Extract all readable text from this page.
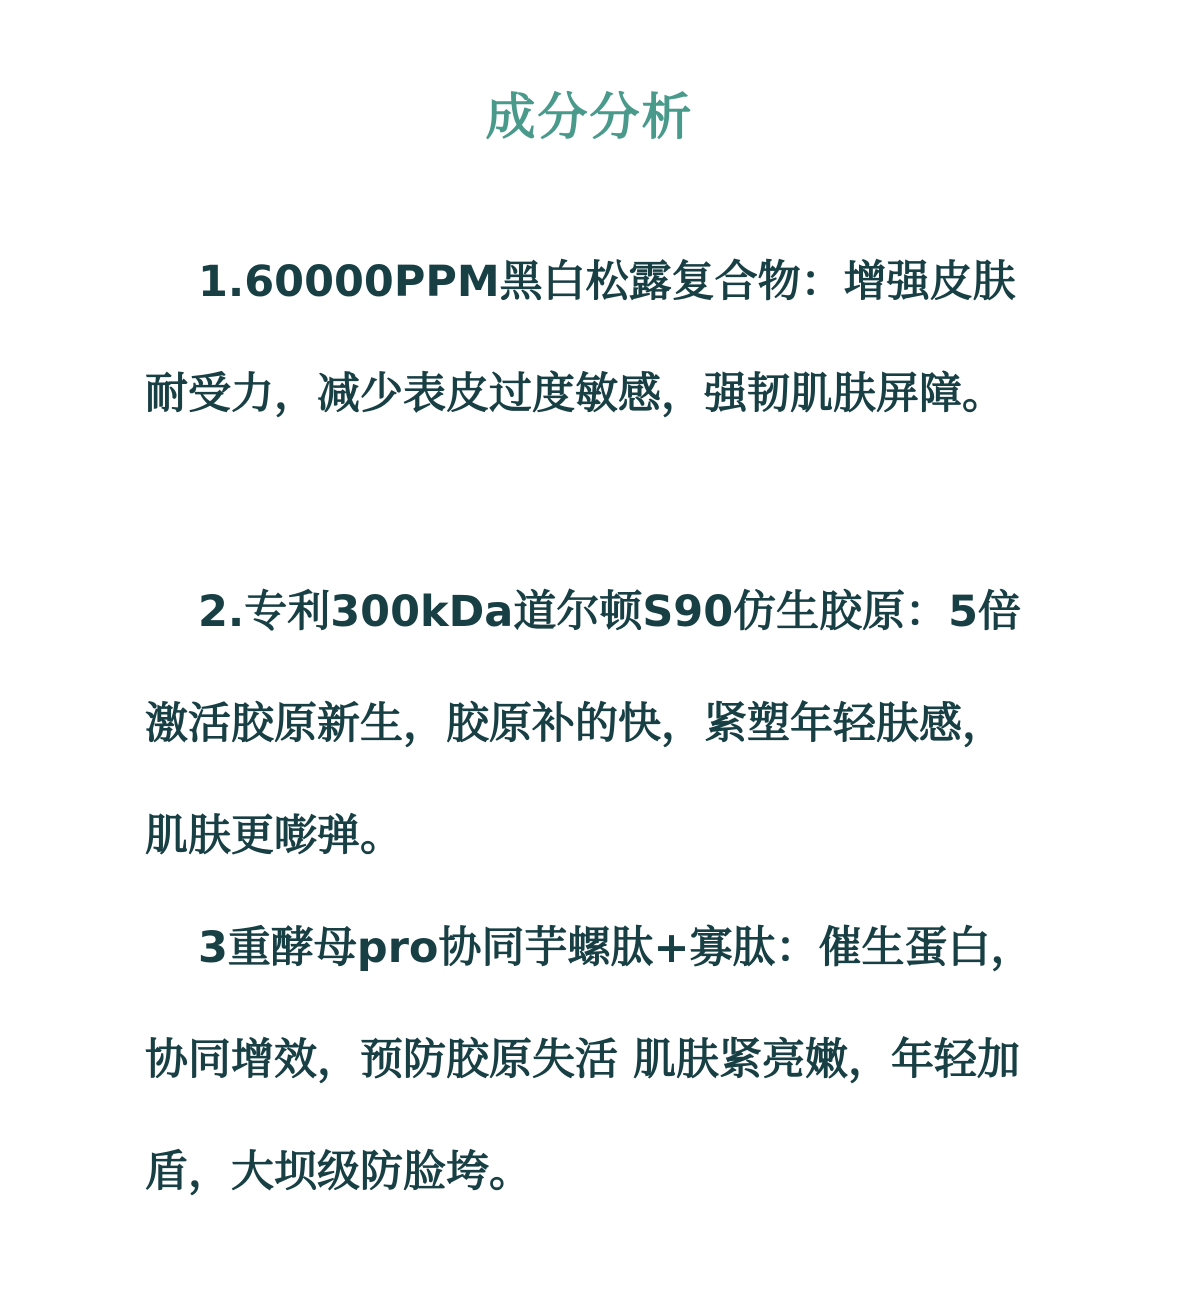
成分分析

1.60000PPM黑白松露复合物：增强皮肤耐受力，减少表皮过度敏感，强韧肌肤屏障。

2.专利300kDa道尔顿S90仿生胶原：5倍激活胶原新生，胶原补的快，紧塑年轻肤感，肌肤更嘭弹。

3重酵母pro协同芋螺肽+寡肽：催生蛋白，协同增效，预防胶原失活 肌肤紧亮嫩，年轻加盾，大坝级防脸垮。
